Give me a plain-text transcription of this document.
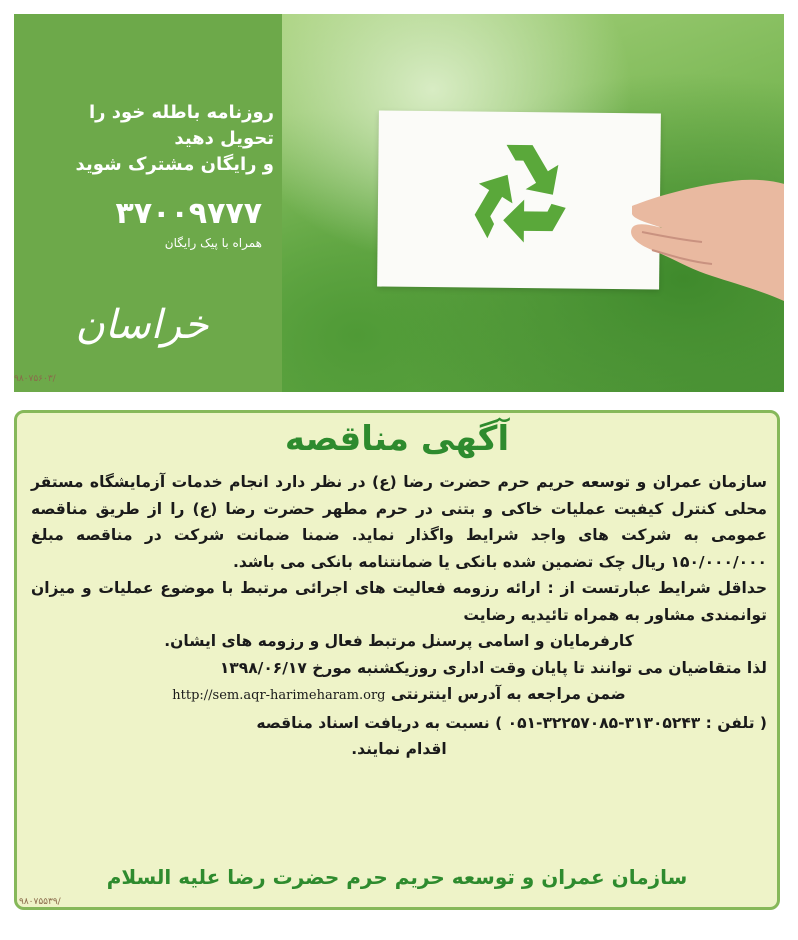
روزنامه باطله خود را
تحویل دهید
و رایگان مشترک شوید
۳۷۰۰۹۷۷۷
همراه با پیک رایگان
خراسان
۹۸۰۷۵۶۰۳/
آگهی مناقصه

سازمان عمران و توسعه حریم حرم حضرت رضا (ع) در نظر دارد انجام خدمات آزمایشگاه مستقر محلی کنترل کیفیت عملیات خاکی و بتنی در حرم مطهر حضرت رضا (ع) را از طریق مناقصه عمومی به شرکت های واجد شرایط واگذار نماید. ضمنا ضمانت شرکت در مناقصه مبلغ ۱۵۰/۰۰۰/۰۰۰ ریال چک تضمین شده بانکی یا ضمانتنامه بانکی می باشد.

حداقل شرایط عبارتست از : ارائه رزومه فعالیت های اجرائی مرتبط با موضوع عملیات و میزان توانمندی مشاور به همراه تائیدیه رضایت

کارفرمایان و اسامی پرسنل مرتبط فعال و رزومه های ایشان.

لذا متقاضیان می توانند تا پایان وقت اداری روزیکشنبه مورخ ۱۳۹۸/۰۶/۱۷

ضمن مراجعه به آدرس اینترنتی http://sem.aqr-harimeharam.org

( تلفن : ۳۱۳۰۵۲۴۳-۳۲۲۵۷۰۸۵-۰۵۱ ) نسبت به دریافت اسناد مناقصه

اقدام نمایند.

سازمان عمران و توسعه حریم حرم حضرت رضا علیه السلام
۹۸۰۷۵۵۳۹/
